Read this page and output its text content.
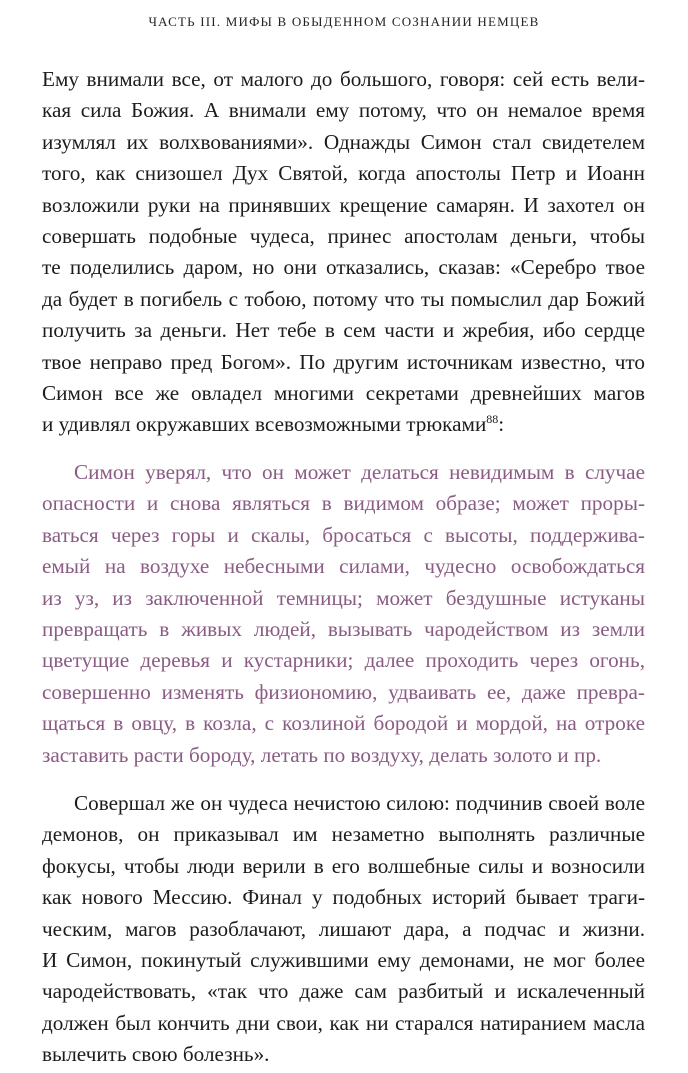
ЧАСТЬ III. МИФЫ В ОБЫДЕННОМ СОЗНАНИИ НЕМЦЕВ
Ему внимали все, от малого до большого, говоря: сей есть вели-
кая сила Божия. А внимали ему потому, что он немалое время
изумлял их волхвованиями». Однажды Симон стал свидетелем
того, как снизошел Дух Святой, когда апостолы Петр и Иоанн
возложили руки на принявших крещение самарян. И захотел он
совершать подобные чудеса, принес апостолам деньги, чтобы
те поделились даром, но они отказались, сказав: «Серебро твое
да будет в погибель с тобою, потому что ты помыслил дар Божий
получить за деньги. Нет тебе в сем части и жребия, ибо сердце
твое неправо пред Богом». По другим источникам известно, что
Симон все же овладел многими секретами древнейших магов
и удивлял окружавших всевозможными трюками$^{88}$:
Симон уверял, что он может делаться невидимым в случае
опасности и снова являться в видимом образе; может проры-
ваться через горы и скалы, бросаться с высоты, поддержива-
емый на воздухе небесными силами, чудесно освобождаться
из уз, из заключенной темницы; может бездушные истуканы
превращать в живых людей, вызывать чародейством из земли
цветущие деревья и кустарники; далее проходить через огонь,
совершенно изменять физиономию, удваивать ее, даже превра-
щаться в овцу, в козла, с козлиной бородой и мордой, на отроке
заставить расти бороду, летать по воздуху, делать золото и пр.
Совершал же он чудеса нечистою силою: подчинив своей воле
демонов, он приказывал им незаметно выполнять различные
фокусы, чтобы люди верили в его волшебные силы и возносили
как нового Мессию. Финал у подобных историй бывает траги-
ческим, магов разоблачают, лишают дара, а подчас и жизни.
И Симон, покинутый служившими ему демонами, не мог более
чародействовать, «так что даже сам разбитый и искалеченный
должен был кончить дни свои, как ни старался натиранием масла
вылечить свою болезнь».
